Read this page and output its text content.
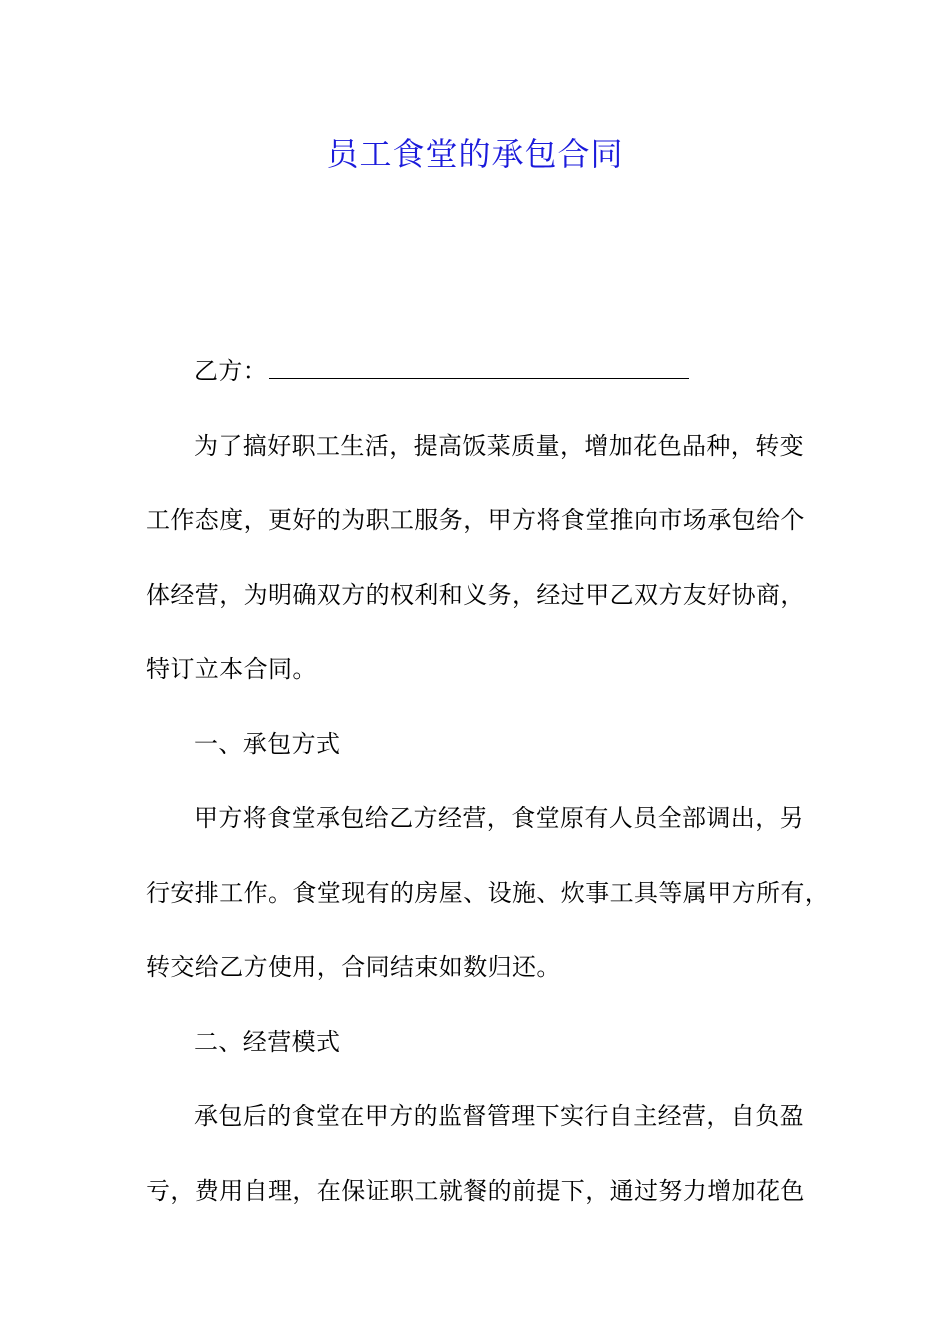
员工食堂的承包合同
乙方：
为了搞好职工生活，提高饭菜质量，增加花色品种，转变
工作态度，更好的为职工服务，甲方将食堂推向市场承包给个
体经营，为明确双方的权利和义务，经过甲乙双方友好协商，
特订立本合同。
一、承包方式
甲方将食堂承包给乙方经营，食堂原有人员全部调出，另
行安排工作。食堂现有的房屋、设施、炊事工具等属甲方所有，
转交给乙方使用，合同结束如数归还。
二、经营模式
承包后的食堂在甲方的监督管理下实行自主经营，自负盈
亏，费用自理，在保证职工就餐的前提下，通过努力增加花色
